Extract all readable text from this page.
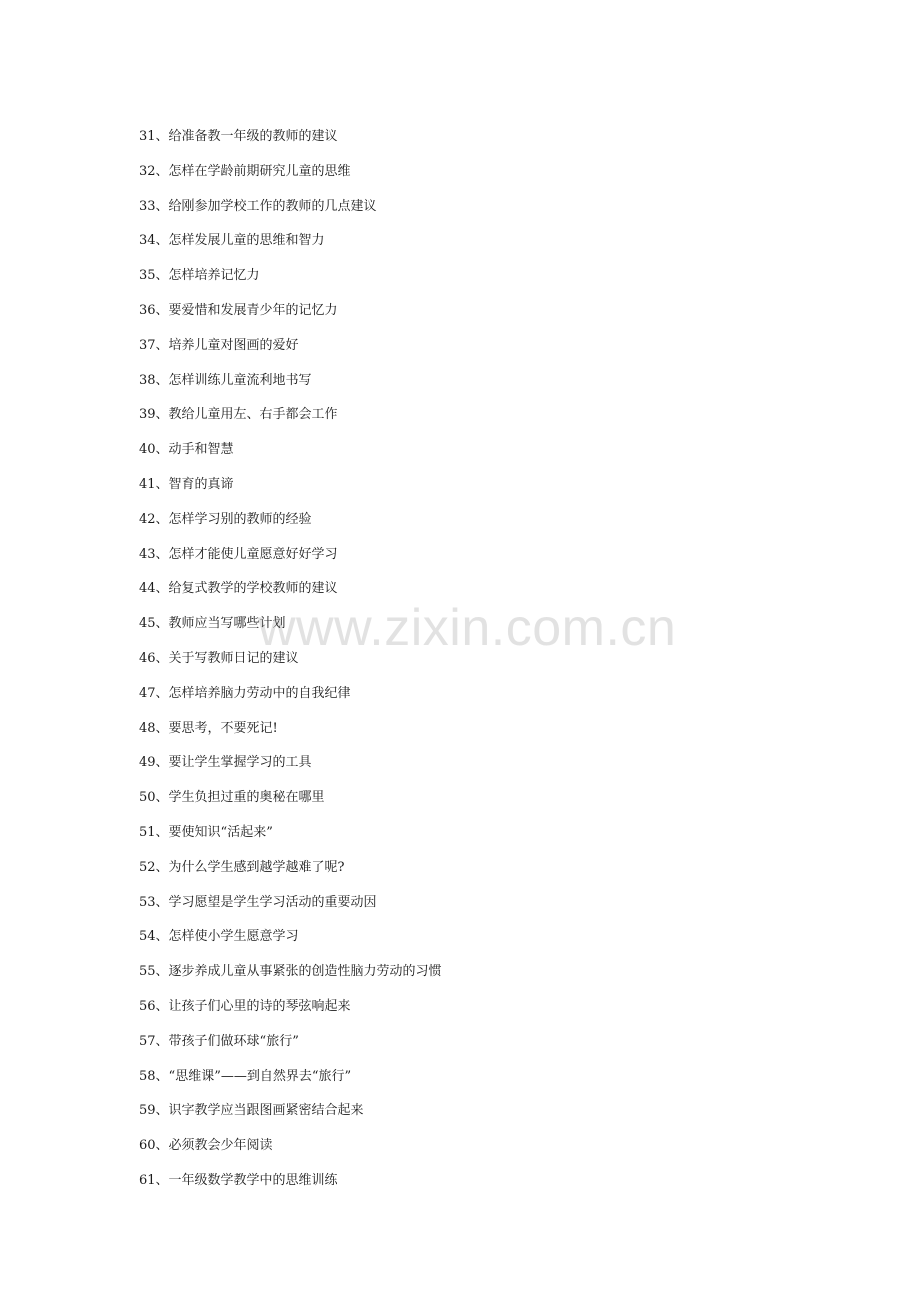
31、给准备教一年级的教师的建议
32、怎样在学龄前期研究儿童的思维
33、给刚参加学校工作的教师的几点建议
34、怎样发展儿童的思维和智力
35、怎样培养记忆力
36、要爱惜和发展青少年的记忆力
37、培养儿童对图画的爱好
38、怎样训练儿童流利地书写
39、教给儿童用左、右手都会工作
40、动手和智慧
41、智育的真谛
42、怎样学习别的教师的经验
43、怎样才能使儿童愿意好好学习
44、给复式教学的学校教师的建议
45、教师应当写哪些计划
46、关于写教师日记的建议
47、怎样培养脑力劳动中的自我纪律
48、要思考，不要死记!
49、要让学生掌握学习的工具
50、学生负担过重的奥秘在哪里
51、要使知识“活起来”
52、为什么学生感到越学越难了呢?
53、学习愿望是学生学习活动的重要动因
54、怎样使小学生愿意学习
55、逐步养成儿童从事紧张的创造性脑力劳动的习惯
56、让孩子们心里的诗的琴弦响起来
57、带孩子们做环球“旅行”
58、“思维课”——到自然界去“旅行”
59、识字教学应当跟图画紧密结合起来
60、必须教会少年阅读
61、一年级数学教学中的思维训练
www.zixin.com.cn
